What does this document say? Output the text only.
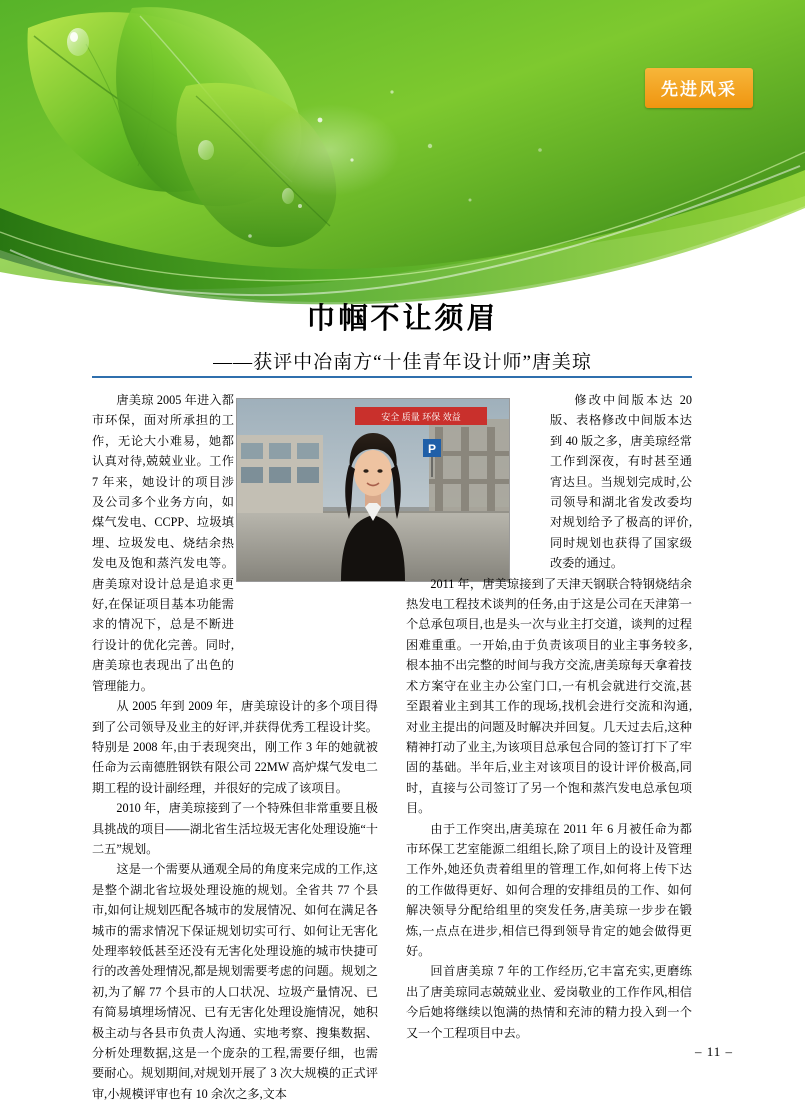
先进风采
巾帼不让须眉

——获评中冶南方“十佳青年设计师”唐美琼

安全 质量 环保 效益
P

唐美琼 2005 年进入都市环保，面对所承担的工作，无论大小难易，她都认真对待,兢兢业业。工作 7 年来，她设计的项目涉及公司多个业务方向，如煤气发电、CCPP、垃圾填埋、垃圾发电、烧结余热发电及饱和蒸汽发电等。唐美琼对设计总是追求更好,在保证项目基本功能需求的情况下，总是不断进行设计的优化完善。同时,唐美琼也表现出了出色的管理能力。

从 2005 年到 2009 年，唐美琼设计的多个项目得到了公司领导及业主的好评,并获得优秀工程设计奖。特别是 2008 年,由于表现突出，刚工作 3 年的她就被任命为云南德胜钢铁有限公司 22MW 高炉煤气发电二期工程的设计副经理，并很好的完成了该项目。

2010 年，唐美琼接到了一个特殊但非常重要且极具挑战的项目——湖北省生活垃圾无害化处理设施“十二五”规划。

这是一个需要从通观全局的角度来完成的工作,这是整个湖北省垃圾处理设施的规划。全省共 77 个县市,如何让规划匹配各城市的发展情况、如何在满足各城市的需求情况下保证规划切实可行、如何让无害化处理率较低甚至还没有无害化处理设施的城市快捷可行的改善处理情况,都是规划需要考虑的问题。规划之初,为了解 77 个县市的人口状况、垃圾产量情况、已有简易填埋场情况、已有无害化处理设施情况，她积极主动与各县市负责人沟通、实地考察、搜集数据、分析处理数据,这是一个庞杂的工程,需要仔细，也需要耐心。规划期间,对规划开展了 3 次大规模的正式评审,小规模评审也有 10 余次之多,文本

修改中间版本达 20 版、表格修改中间版本达到 40 版之多，唐美琼经常工作到深夜，有时甚至通宵达旦。当规划完成时,公司领导和湖北省发改委均对规划给予了极高的评价,同时规划也获得了国家级改委的通过。

2011 年，唐美琼接到了天津天钢联合特钢烧结余热发电工程技术谈判的任务,由于这是公司在天津第一个总承包项目,也是头一次与业主打交道，谈判的过程困难重重。一开始,由于负责该项目的业主事务较多,根本抽不出完整的时间与我方交流,唐美琼每天拿着技术方案守在业主办公室门口,一有机会就进行交流,甚至跟着业主到其工作的现场,找机会进行交流和沟通,对业主提出的问题及时解决并回复。几天过去后,这种精神打动了业主,为该项目总承包合同的签订打下了牢固的基础。半年后,业主对该项目的设计评价极高,同时，直接与公司签订了另一个饱和蒸汽发电总承包项目。

由于工作突出,唐美琼在 2011 年 6 月被任命为都市环保工艺室能源二组组长,除了项目上的设计及管理工作外,她还负责着组里的管理工作,如何将上传下达的工作做得更好、如何合理的安排组员的工作、如何解决领导分配给组里的突发任务,唐美琼一步步在锻炼,一点点在进步,相信已得到领导肯定的她会做得更好。

回首唐美琼 7 年的工作经历,它丰富充实,更磨练出了唐美琼同志兢兢业业、爱岗敬业的工作作风,相信今后她将继续以饱满的热情和充沛的精力投入到一个又一个工程项目中去。

– 11 –
